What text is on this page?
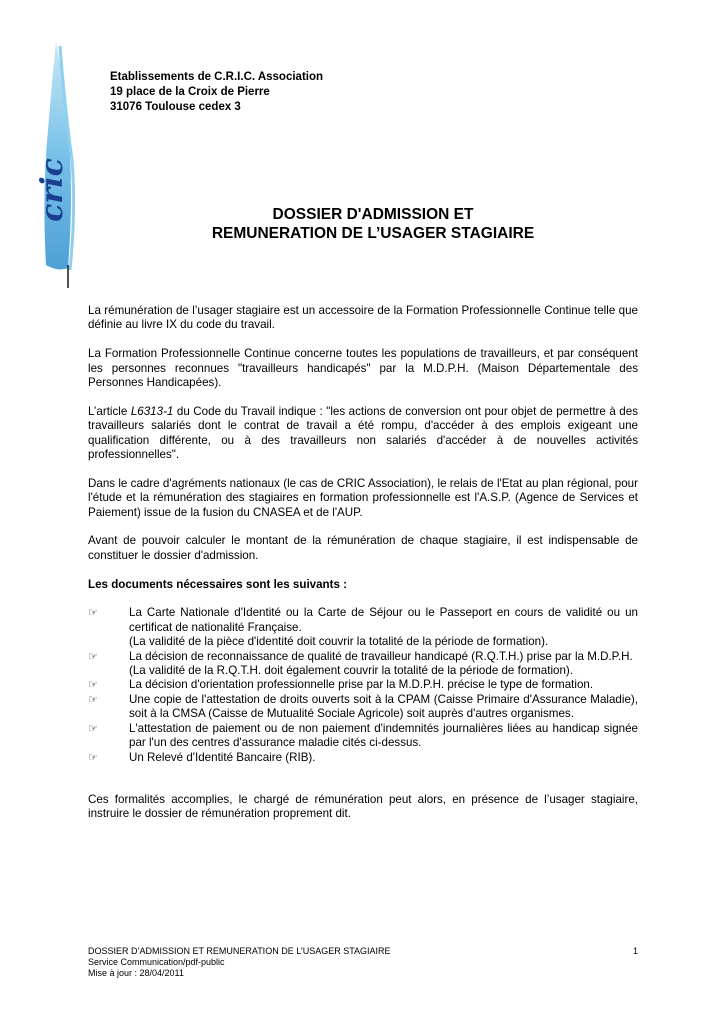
cric
Etablissements de C.R.I.C. Association
19 place de la Croix de Pierre
31076 Toulouse cedex 3
DOSSIER D'ADMISSION ET
REMUNERATION DE L’USAGER STAGIAIRE

La rémunération de l’usager stagiaire est un accessoire de la Formation Professionnelle Continue telle que définie au livre IX du code du travail.

La Formation Professionnelle Continue concerne toutes les populations de travailleurs, et par conséquent les personnes reconnues "travailleurs handicapés" par la M.D.P.H. (Maison Départementale des Personnes Handicapées).

L’article L6313-1 du Code du Travail indique : "les actions de conversion ont pour objet de permettre à des travailleurs salariés dont le contrat de travail a été rompu, d'accéder à des emplois exigeant une qualification différente, ou à des travailleurs non salariés d'accéder à de nouvelles activités professionnelles".

Dans le cadre d'agréments nationaux (le cas de CRIC Association), le relais de l'Etat au plan régional, pour l'étude et la rémunération des stagiaires en formation professionnelle est l'A.S.P. (Agence de Services et Paiement) issue de la fusion du CNASEA et de l'AUP.

Avant de pouvoir calculer le montant de la rémunération de chaque stagiaire, il est indispensable de constituer le dossier d'admission.

Les documents nécessaires sont les suivants :
☞	La Carte Nationale d'Identité ou la Carte de Séjour ou le Passeport en cours de validité ou un certificat de nationalité Française.
(La validité de la pièce d'identité doit couvrir la totalité de la période de formation).
☞	La décision de reconnaissance de qualité de travailleur handicapé (R.Q.T.H.) prise par la M.D.P.H.
(La validité de la R.Q.T.H. doit également couvrir la totalité de la période de formation).
☞	La décision d'orientation professionnelle prise par la M.D.P.H. précise le type de formation.
☞	Une copie de l'attestation de droits ouverts soit à la CPAM (Caisse Primaire d'Assurance Maladie), soit à la CMSA (Caisse de Mutualité Sociale Agricole) soit auprès d'autres organismes.
☞	L'attestation de paiement ou de non paiement d'indemnités journalières liées au handicap signée par l'un des centres d'assurance maladie cités ci-dessus.
☞	Un Relevé d'Identité Bancaire (RIB).

Ces formalités accomplies, le chargé de rémunération peut alors, en présence de l’usager stagiaire, instruire le dossier de rémunération proprement dit.

DOSSIER D’ADMISSION ET REMUNERATION DE L’USAGER STAGIAIRE
Service Communication/pdf-public
Mise à jour : 28/04/2011
1
